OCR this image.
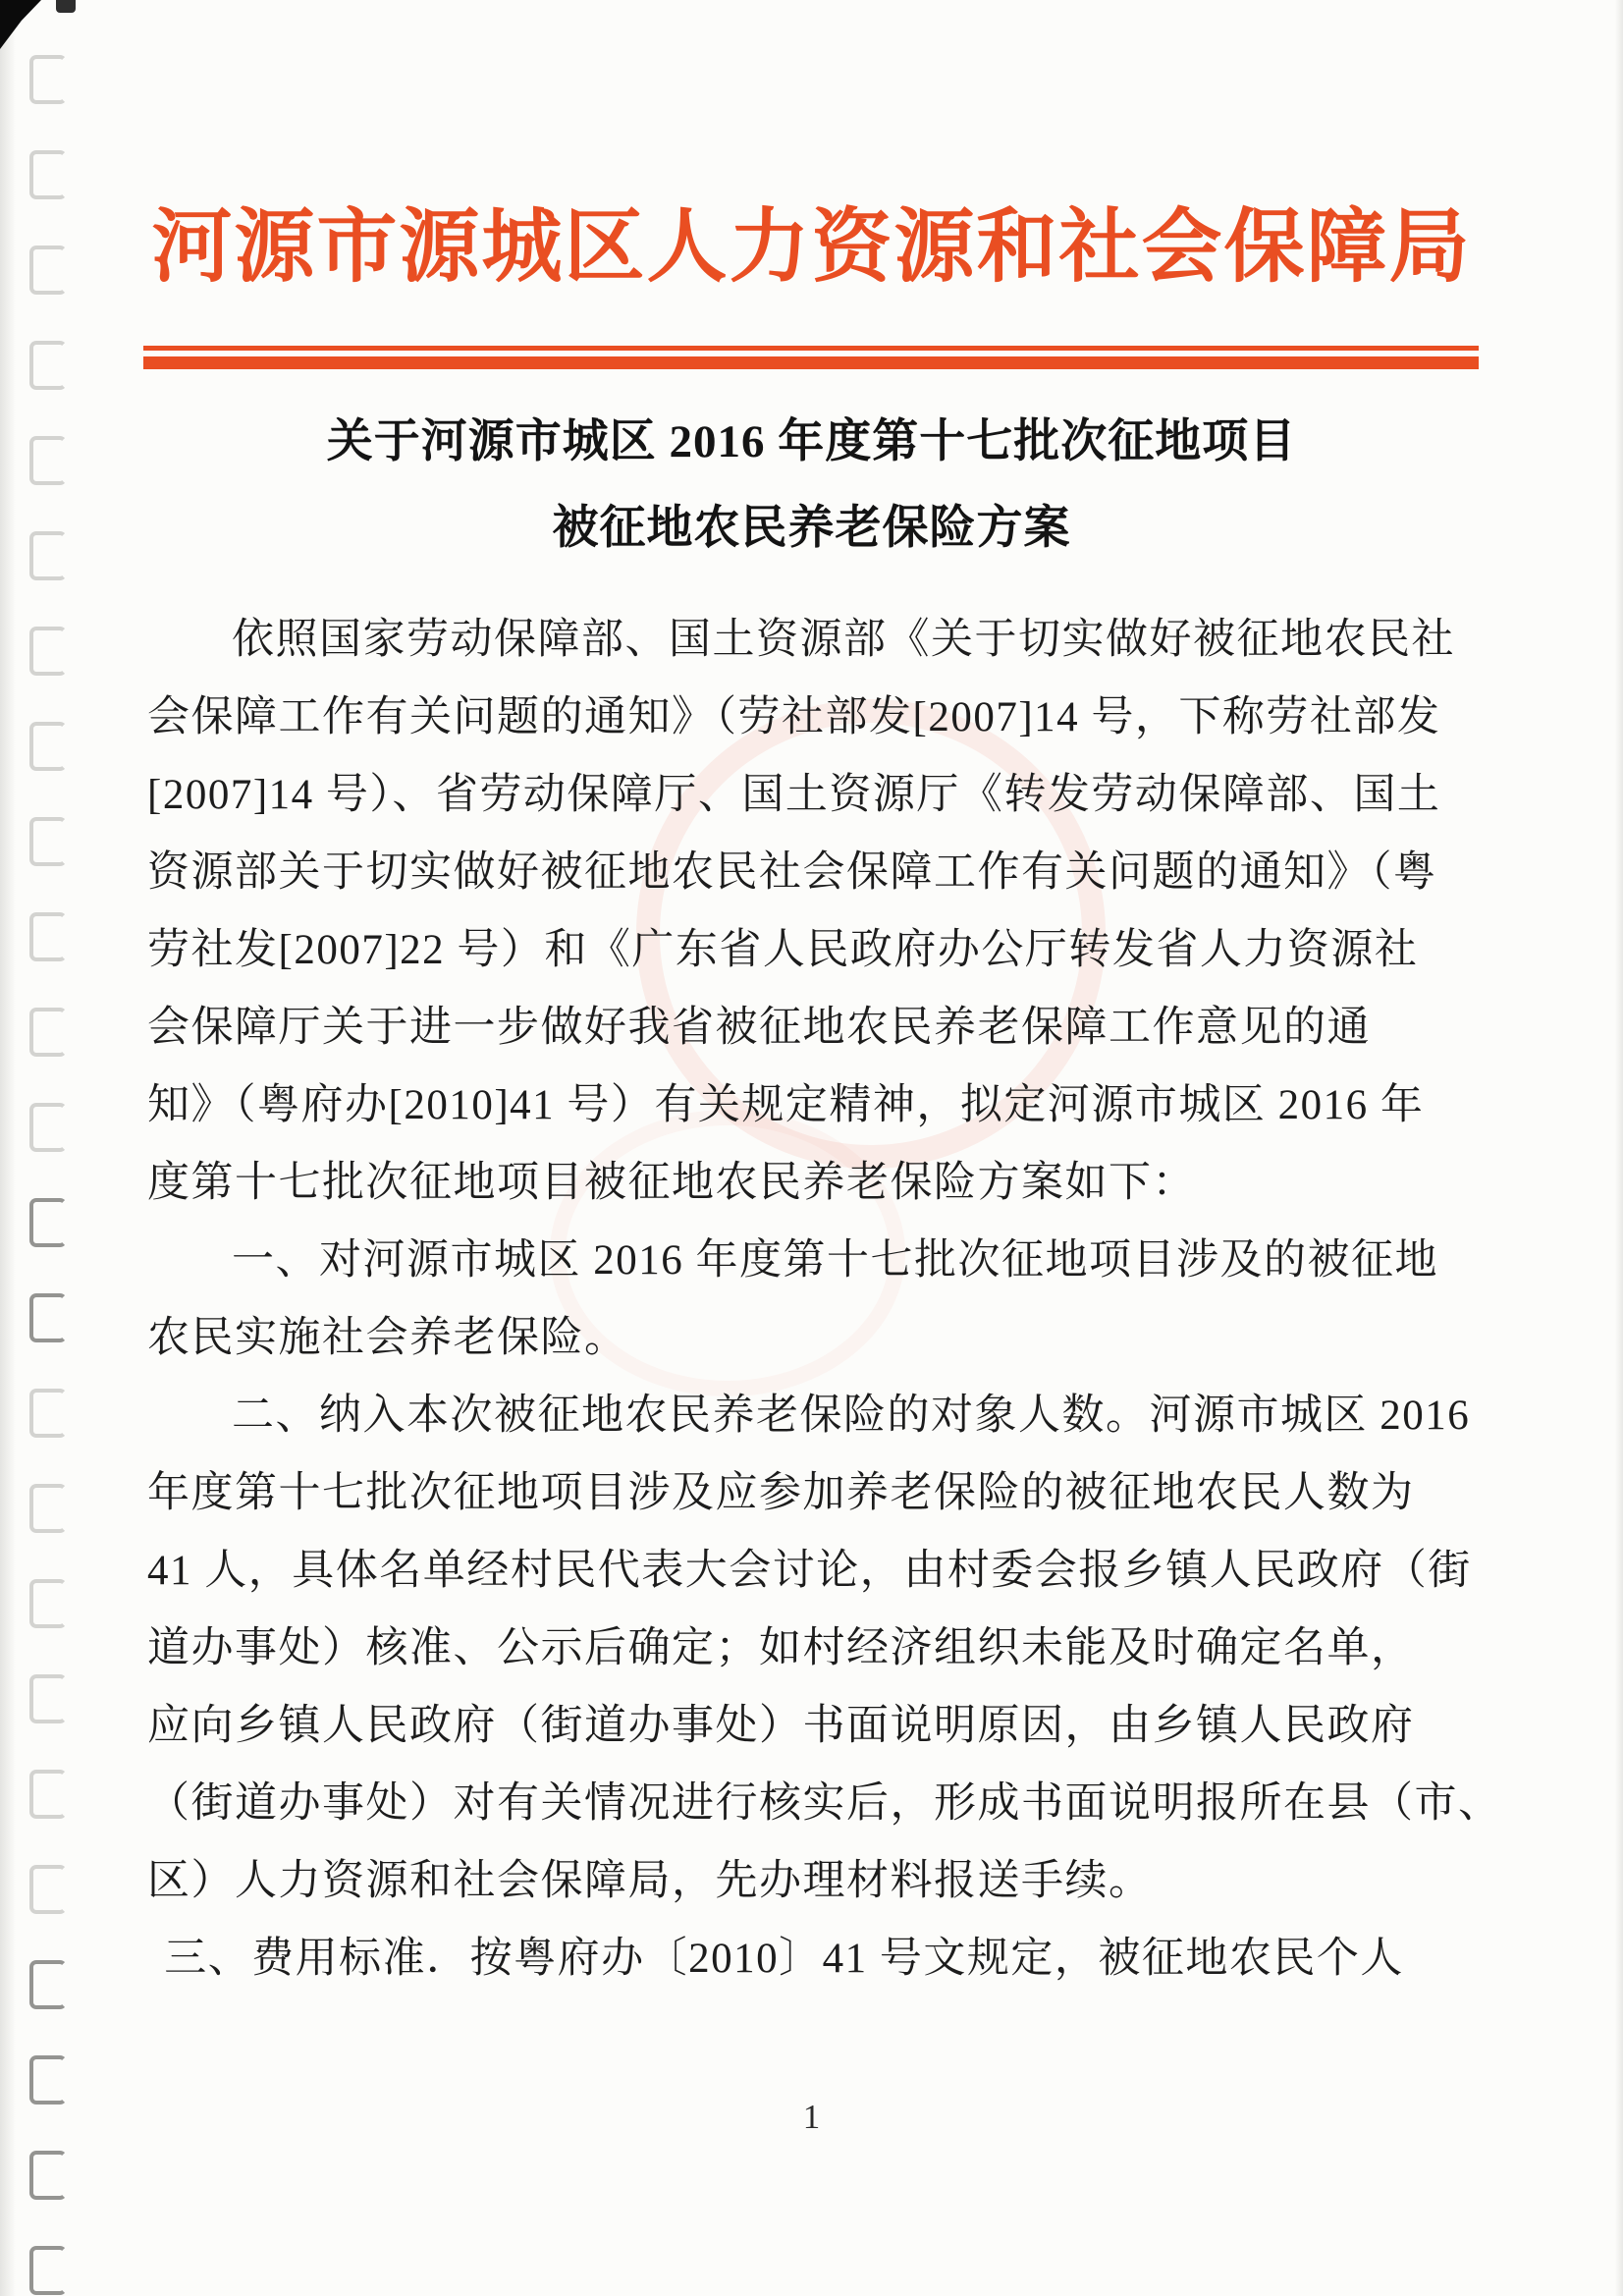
河源市源城区人力资源和社会保障局
关于河源市城区 2016 年度第十七批次征地项目
被征地农民养老保险方案
依照国家劳动保障部、国土资源部《关于切实做好被征地农民社
会保障工作有关问题的通知》（劳社部发[2007]14 号，下称劳社部发
[2007]14 号）、省劳动保障厅、国土资源厅《转发劳动保障部、国土
资源部关于切实做好被征地农民社会保障工作有关问题的通知》（粤
劳社发[2007]22 号）和《广东省人民政府办公厅转发省人力资源社
会保障厅关于进一步做好我省被征地农民养老保障工作意见的通
知》（粤府办[2010]41 号）有关规定精神，拟定河源市城区 2016 年
度第十七批次征地项目被征地农民养老保险方案如下：
一、对河源市城区 2016 年度第十七批次征地项目涉及的被征地
农民实施社会养老保险。
二、纳入本次被征地农民养老保险的对象人数。河源市城区 2016
年度第十七批次征地项目涉及应参加养老保险的被征地农民人数为
41 人，具体名单经村民代表大会讨论，由村委会报乡镇人民政府（街
道办事处）核准、公示后确定；如村经济组织未能及时确定名单，
应向乡镇人民政府（街道办事处）书面说明原因，由乡镇人民政府
（街道办事处）对有关情况进行核实后，形成书面说明报所在县（市、
区）人力资源和社会保障局，先办理材料报送手续。
三、费用标准．按粤府办〔2010〕41 号文规定，被征地农民个人
1
